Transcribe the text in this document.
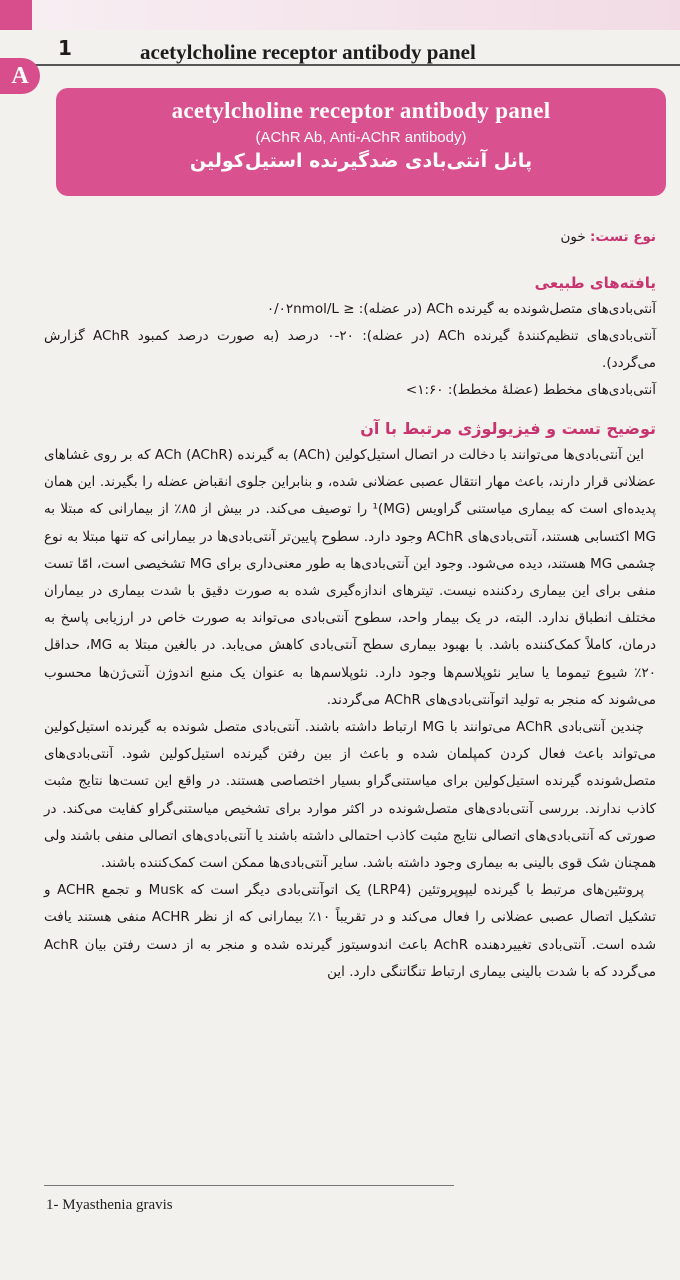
1	acetylcholine receptor antibody panel
A
acetylcholine receptor antibody panel
(AChR Ab, Anti-AChR antibody)
پانل آنتی‌بادی ضدگیرنده استیل‌کولین

نوع تست: خون

یافته‌های طبیعی

آنتی‌بادی‌های متصل‌شونده به گیرنده ACh (در عضله): ≤ ۰/۰۲nmol/L

آنتی‌بادی‌های تنظیم‌کنندهٔ گیرنده ACh (در عضله): ۲۰-۰ درصد (به صورت درصد کمبود AChR گزارش می‌گردد).

آنتی‌بادی‌های مخطط (عضلهٔ مخطط): ۱:۶۰>

توضیح تست و فیزیولوژی مرتبط با آن

این آنتی‌بادی‌ها می‌توانند با دخالت در اتصال استیل‌کولین (ACh) به گیرنده ACh (AChR) که بر روی غشاهای عضلانی قرار دارند، باعث مهار انتقال عصبی عضلانی شده، و بنابراین جلوی انقباض عضله را بگیرند. این همان پدیده‌ای است که بیماری میاستنی گراویس (MG)¹ را توصیف می‌کند. در بیش از ۸۵٪ از بیمارانی که مبتلا به MG اکتسابی هستند، آنتی‌بادی‌های AChR وجود دارد. سطوح پایین‌تر آنتی‌بادی‌ها در بیمارانی که تنها مبتلا به نوع چشمی MG هستند، دیده می‌شود. وجود این آنتی‌بادی‌ها به طور معنی‌داری برای MG تشخیصی است، امّا تست منفی برای این بیماری ردکننده نیست. تیترهای اندازه‌گیری شده به صورت دقیق با شدت بیماری در بیماران مختلف انطباق ندارد. البته، در یک بیمار واحد، سطوح آنتی‌بادی می‌تواند به صورت خاص در ارزیابی پاسخ به درمان، کاملاً کمک‌کننده باشد. با بهبود بیماری سطح آنتی‌بادی کاهش می‌یابد. در بالغین مبتلا به MG، حداقل ۲۰٪ شیوع تیموما یا سایر نئوپلاسم‌ها وجود دارد. نئوپلاسم‌ها به عنوان یک منبع اندوژن آنتی‌ژن‌ها محسوب می‌شوند که منجر به تولید اتوآنتی‌بادی‌های AChR می‌گردند.

چندین آنتی‌بادی AChR می‌توانند با MG ارتباط داشته باشند. آنتی‌بادی متصل شونده به گیرنده استیل‌کولین می‌تواند باعث فعال کردن کمپلمان شده و باعث از بین رفتن گیرنده استیل‌کولین شود. آنتی‌بادی‌های متصل‌شونده گیرنده استیل‌کولین برای میاستنی‌گراو بسیار اختصاصی هستند. در واقع این تست‌ها نتایج مثبت کاذب ندارند. بررسی آنتی‌بادی‌های متصل‌شونده در اکثر موارد برای تشخیص میاستنی‌گراو کفایت می‌کند. در صورتی که آنتی‌بادی‌های اتصالی نتایج مثبت کاذب احتمالی داشته باشند یا آنتی‌بادی‌های اتصالی منفی باشند ولی همچنان شک قوی بالینی به بیماری وجود داشته باشد. سایر آنتی‌بادی‌ها ممکن است کمک‌کننده باشند.

پروتئین‌های مرتبط با گیرنده لیپوپروتئین (LRP4) یک اتوآنتی‌بادی دیگر است که Musk و تجمع ACHR و تشکیل اتصال عصبی عضلانی را فعال می‌کند و در تقریباً ۱۰٪ بیمارانی که از نظر ACHR منفی هستند یافت شده است. آنتی‌بادی تغییردهنده AchR باعث اندوسیتوز گیرنده شده و منجر به از دست رفتن بیان AchR می‌گردد که با شدت بالینی بیماری ارتباط تنگاتنگی دارد. این

1- Myasthenia gravis
